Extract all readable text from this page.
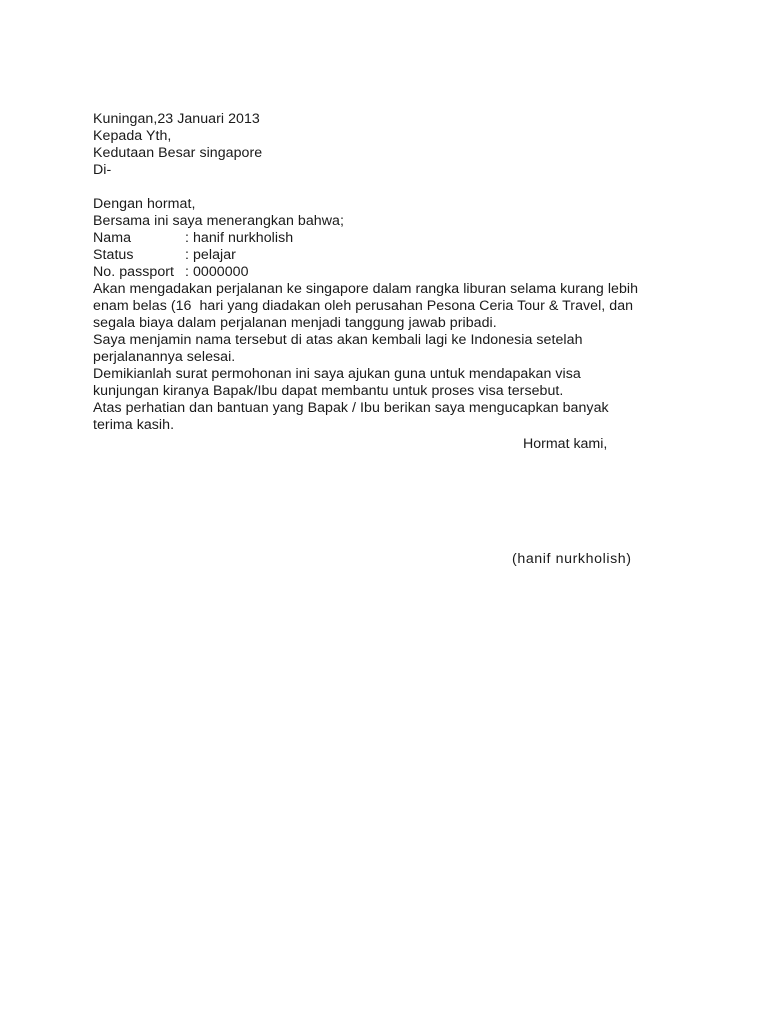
Kuningan,23 Januari 2013
Kepada Yth,
Kedutaan Besar singapore
Di-
Dengan hormat,
Bersama ini saya menerangkan bahwa;
Nama	: hanif nurkholish
Status	: pelajar
No. passport : 0000000
Akan mengadakan perjalanan ke singapore dalam rangka liburan selama kurang lebih
enam belas (16  hari yang diadakan oleh perusahan Pesona Ceria Tour & Travel, dan
segala biaya dalam perjalanan menjadi tanggung jawab pribadi.
Saya menjamin nama tersebut di atas akan kembali lagi ke Indonesia setelah
perjalanannya selesai.
Demikianlah surat permohonan ini saya ajukan guna untuk mendapakan visa
kunjungan kiranya Bapak/Ibu dapat membantu untuk proses visa tersebut.
Atas perhatian dan bantuan yang Bapak / Ibu berikan saya mengucapkan banyak
terima kasih.
Hormat kami,
(hanif nurkholish)
